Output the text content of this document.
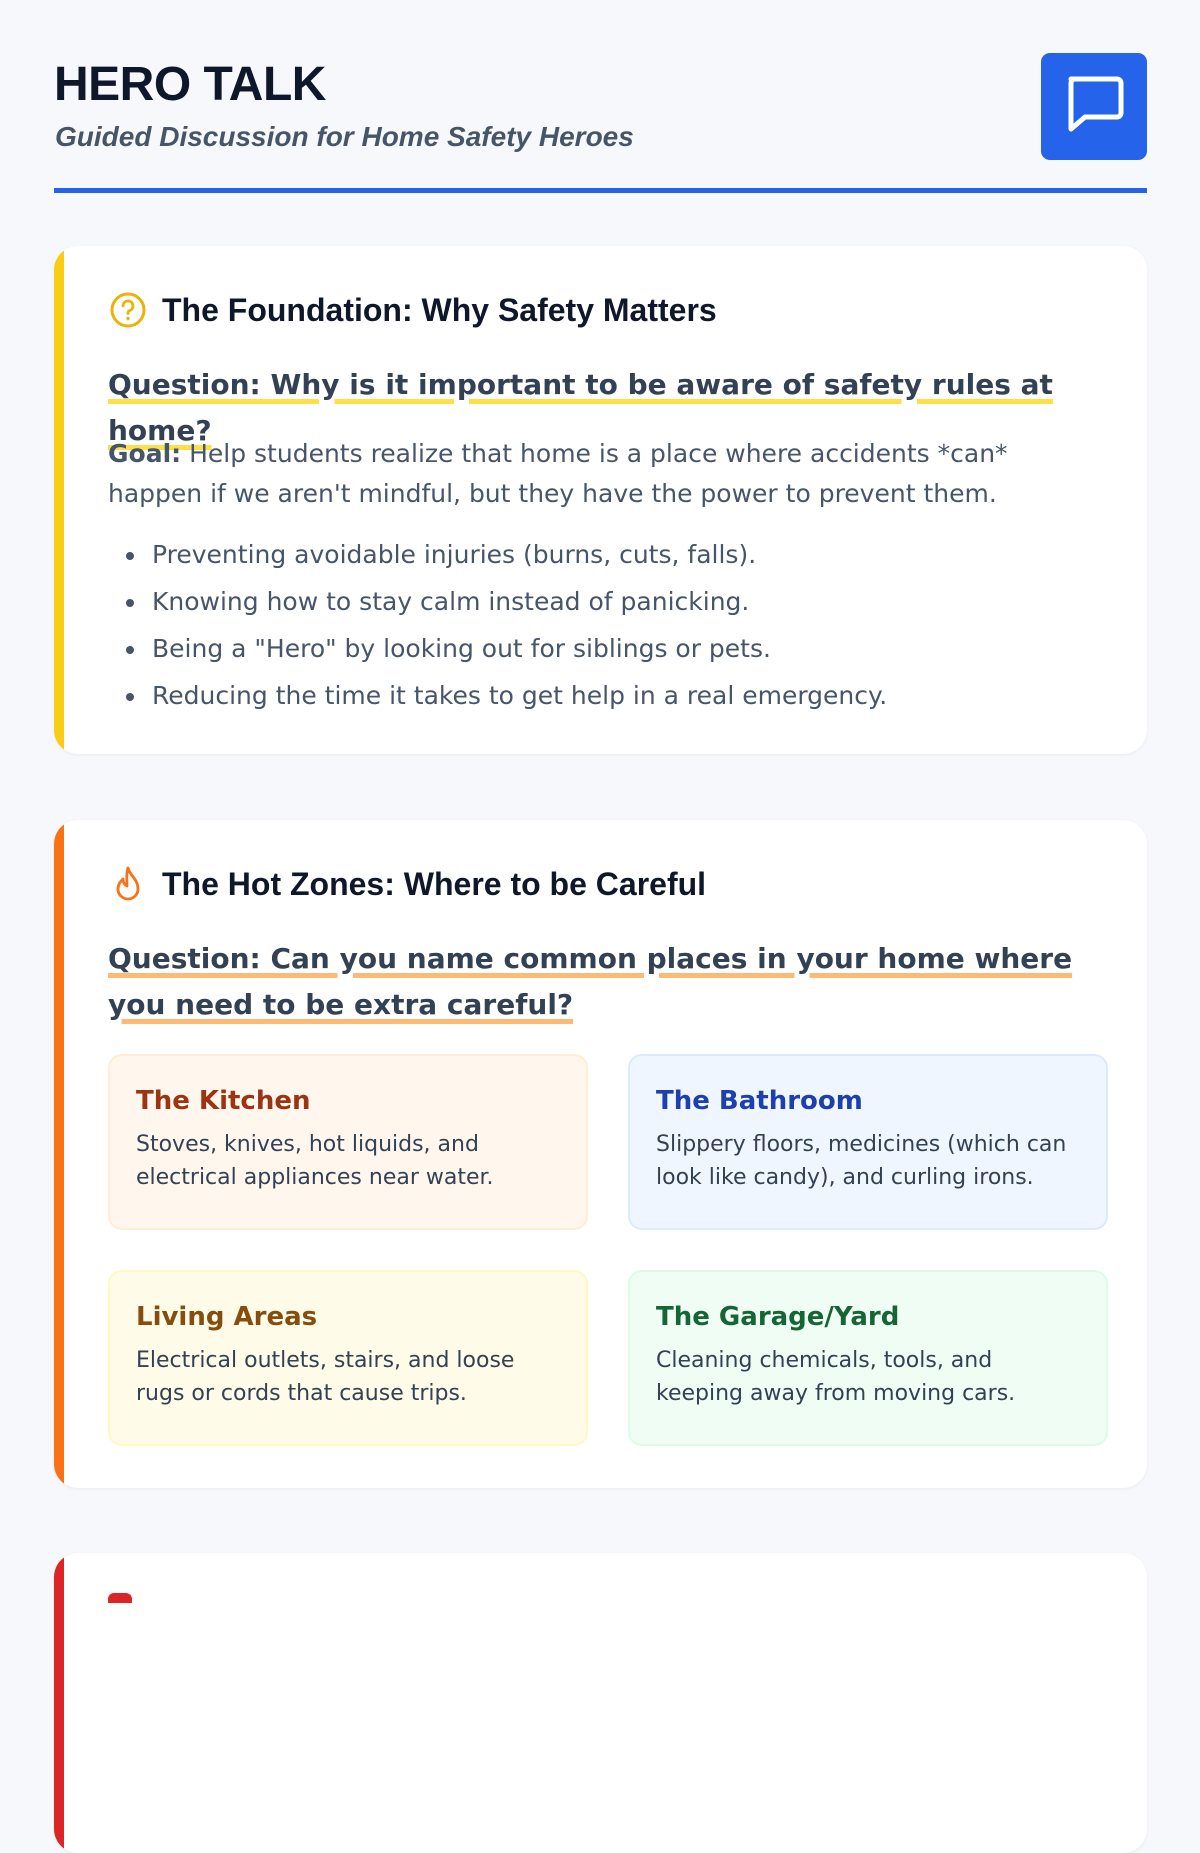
HERO TALK
Guided Discussion for Home Safety Heroes
The Foundation: Why Safety Matters
Question: Why is it important to be aware of safety rules at home?
Goal: Help students realize that home is a place where accidents *can* happen if we aren't mindful, but they have the power to prevent them.
• Preventing avoidable injuries (burns, cuts, falls).
• Knowing how to stay calm instead of panicking.
• Being a "Hero" by looking out for siblings or pets.
• Reducing the time it takes to get help in a real emergency.
The Hot Zones: Where to be Careful
Question: Can you name common places in your home where you need to be extra careful?
The Kitchen

Stoves, knives, hot liquids, and electrical appliances near water.

The Bathroom

Slippery floors, medicines (which can look like candy), and curling irons.

Living Areas

Electrical outlets, stairs, and loose rugs or cords that cause trips.

The Garage/Yard

Cleaning chemicals, tools, and keeping away from moving cars.
